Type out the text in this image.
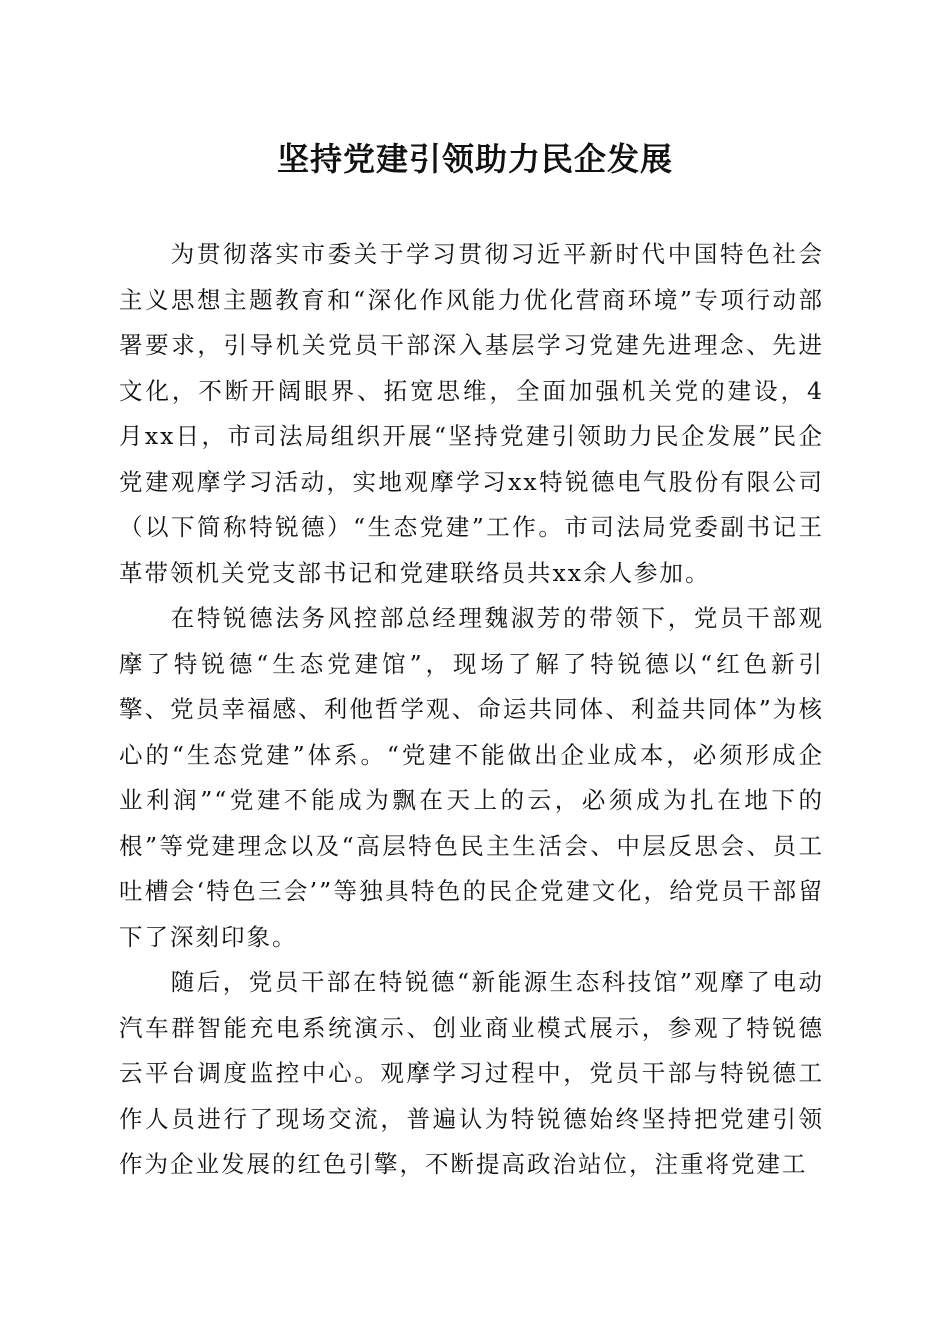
坚持党建引领助力民企发展

为贯彻落实市委关于学习贯彻习近平新时代中国特色社会主义思想主题教育和“深化作风能力优化营商环境”专项行动部署要求，引导机关党员干部深入基层学习党建先进理念、先进文化，不断开阔眼界、拓宽思维，全面加强机关党的建设，4月xx日，市司法局组织开展“坚持党建引领助力民企发展”民企党建观摩学习活动，实地观摩学习xx特锐德电气股份有限公司（以下简称特锐德）“生态党建”工作。市司法局党委副书记王革带领机关党支部书记和党建联络员共xx余人参加。

在特锐德法务风控部总经理魏淑芳的带领下，党员干部观摩了特锐德“生态党建馆”，现场了解了特锐德以“红色新引擎、党员幸福感、利他哲学观、命运共同体、利益共同体”为核心的“生态党建”体系。“党建不能做出企业成本，必须形成企业利润”“党建不能成为飘在天上的云，必须成为扎在地下的根”等党建理念以及“高层特色民主生活会、中层反思会、员工吐槽会‘特色三会’”等独具特色的民企党建文化，给党员干部留下了深刻印象。

随后，党员干部在特锐德“新能源生态科技馆”观摩了电动汽车群智能充电系统演示、创业商业模式展示，参观了特锐德云平台调度监控中心。观摩学习过程中，党员干部与特锐德工作人员进行了现场交流，普遍认为特锐德始终坚持把党建引领作为企业发展的红色引擎，不断提高政治站位，注重将党建工
